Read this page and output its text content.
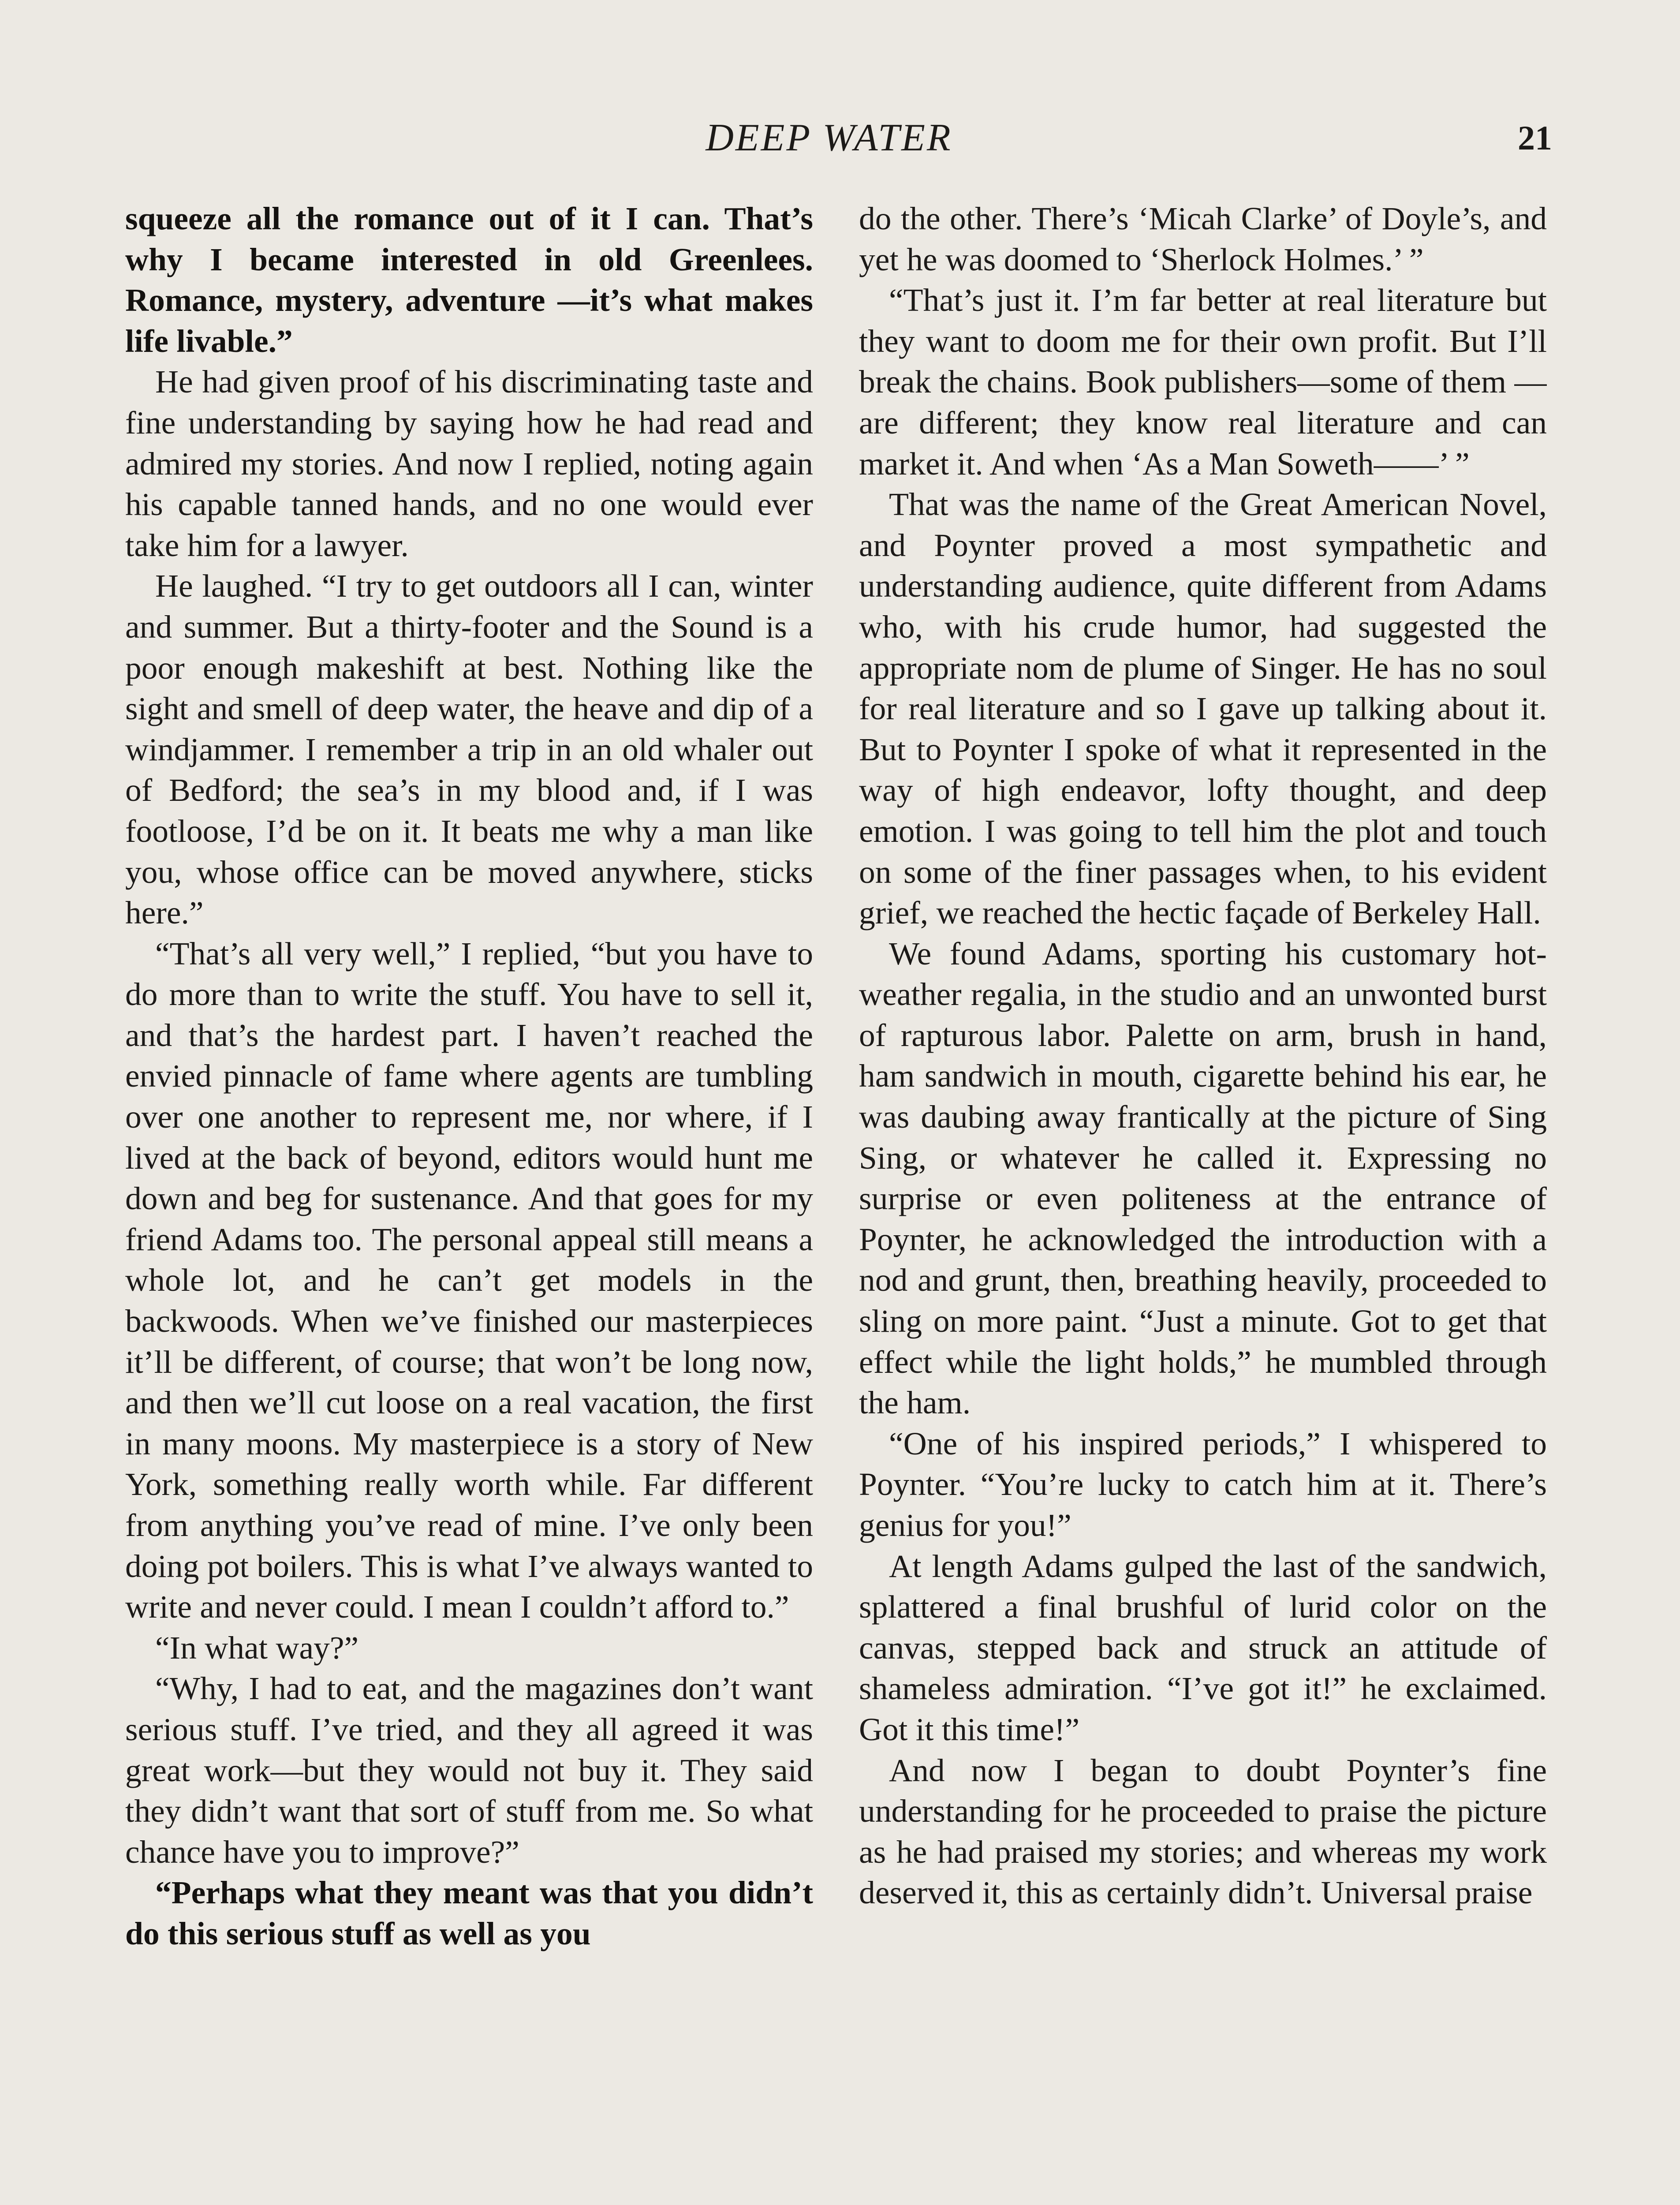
DEEP WATER	21

squeeze all the romance out of it I can. That’s why I became interested in old Greenlees. Romance, mystery, adventure —it’s what makes life livable.”

He had given proof of his discriminating taste and fine understanding by saying how he had read and admired my stories. And now I replied, noting again his capable tanned hands, and no one would ever take him for a lawyer.

He laughed. “I try to get outdoors all I can, winter and summer. But a thirty-footer and the Sound is a poor enough makeshift at best. Nothing like the sight and smell of deep water, the heave and dip of a windjammer. I remember a trip in an old whaler out of Bedford; the sea’s in my blood and, if I was footloose, I’d be on it. It beats me why a man like you, whose office can be moved anywhere, sticks here.”

“That’s all very well,” I replied, “but you have to do more than to write the stuff. You have to sell it, and that’s the hardest part. I haven’t reached the envied pinnacle of fame where agents are tumbling over one another to represent me, nor where, if I lived at the back of beyond, editors would hunt me down and beg for sustenance. And that goes for my friend Adams too. The personal appeal still means a whole lot, and he can’t get models in the backwoods. When we’ve finished our masterpieces it’ll be different, of course; that won’t be long now, and then we’ll cut loose on a real vacation, the first in many moons. My masterpiece is a story of New York, something really worth while. Far different from anything you’ve read of mine. I’ve only been doing pot boilers. This is what I’ve always wanted to write and never could. I mean I couldn’t afford to.”

“In what way?”

“Why, I had to eat, and the magazines don’t want serious stuff. I’ve tried, and they all agreed it was great work—but they would not buy it. They said they didn’t want that sort of stuff from me. So what chance have you to improve?”

“Perhaps what they meant was that you didn’t do this serious stuff as well as you

do the other. There’s ‘Micah Clarke’ of Doyle’s, and yet he was doomed to ‘Sherlock Holmes.’ ”

“That’s just it. I’m far better at real literature but they want to doom me for their own profit. But I’ll break the chains. Book publishers—some of them —are different; they know real literature and can market it. And when ‘As a Man Soweth——’ ”

That was the name of the Great American Novel, and Poynter proved a most sympathetic and understanding audience, quite different from Adams who, with his crude humor, had suggested the appropriate nom de plume of Singer. He has no soul for real literature and so I gave up talking about it. But to Poynter I spoke of what it represented in the way of high endeavor, lofty thought, and deep emotion. I was going to tell him the plot and touch on some of the finer passages when, to his evident grief, we reached the hectic façade of Berkeley Hall.

We found Adams, sporting his customary hot-weather regalia, in the studio and an unwonted burst of rapturous labor. Palette on arm, brush in hand, ham sandwich in mouth, cigarette behind his ear, he was daubing away frantically at the picture of Sing Sing, or whatever he called it. Expressing no surprise or even politeness at the entrance of Poynter, he acknowledged the introduction with a nod and grunt, then, breathing heavily, proceeded to sling on more paint. “Just a minute. Got to get that effect while the light holds,” he mumbled through the ham.

“One of his inspired periods,” I whispered to Poynter. “You’re lucky to catch him at it. There’s genius for you!”

At length Adams gulped the last of the sandwich, splattered a final brushful of lurid color on the canvas, stepped back and struck an attitude of shameless admiration. “I’ve got it!” he exclaimed. Got it this time!”

And now I began to doubt Poynter’s fine understanding for he proceeded to praise the picture as he had praised my stories; and whereas my work deserved it, this as certainly didn’t. Universal praise
